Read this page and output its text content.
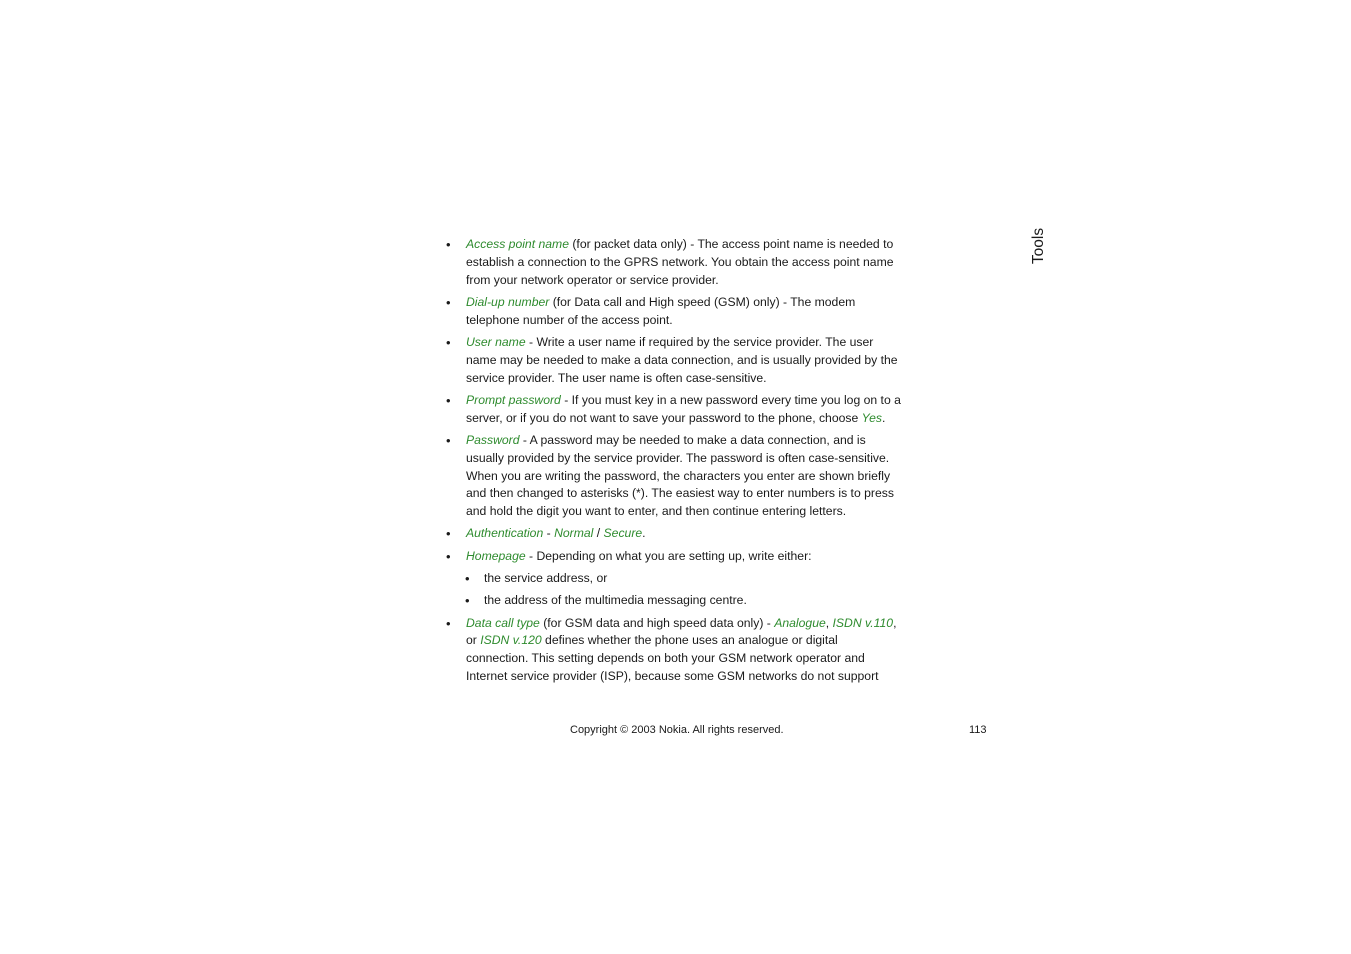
Tools
• Access point name (for packet data only) - The access point name is needed to establish a connection to the GPRS network. You obtain the access point name from your network operator or service provider.
• Dial-up number (for Data call and High speed (GSM) only) - The modem telephone number of the access point.
• User name - Write a user name if required by the service provider. The user name may be needed to make a data connection, and is usually provided by the service provider. The user name is often case-sensitive.
• Prompt password - If you must key in a new password every time you log on to a server, or if you do not want to save your password to the phone, choose Yes.
• Password - A password may be needed to make a data connection, and is usually provided by the service provider. The password is often case-sensitive. When you are writing the password, the characters you enter are shown briefly and then changed to asterisks (*). The easiest way to enter numbers is to press and hold the digit you want to enter, and then continue entering letters.
• Authentication - Normal / Secure.
• Homepage - Depending on what you are setting up, write either:
• the service address, or
• the address of the multimedia messaging centre.
• Data call type (for GSM data and high speed data only) - Analogue, ISDN v.110, or ISDN v.120 defines whether the phone uses an analogue or digital connection. This setting depends on both your GSM network operator and Internet service provider (ISP), because some GSM networks do not support
Copyright © 2003 Nokia. All rights reserved.	113
